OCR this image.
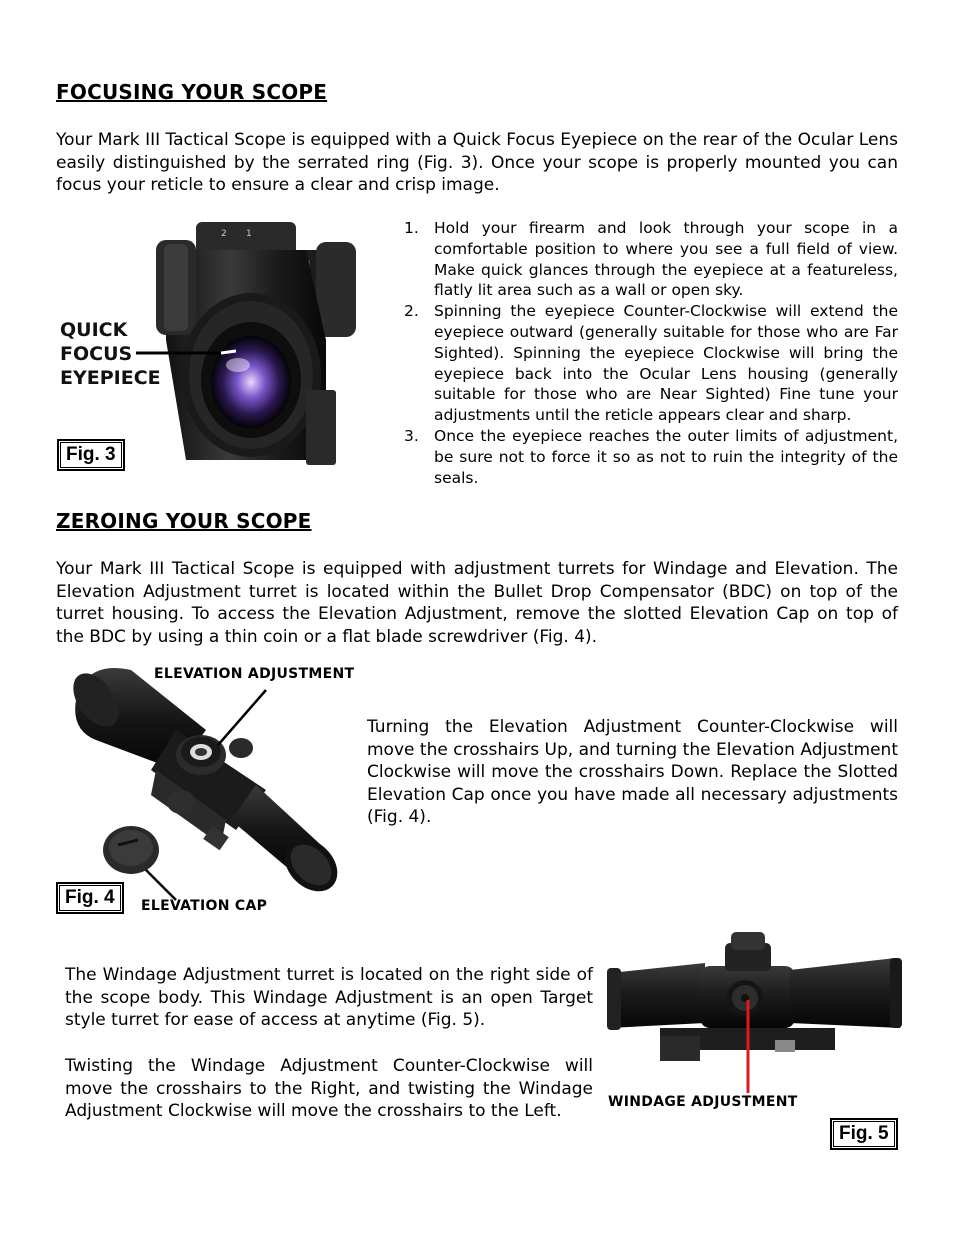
FOCUSING YOUR SCOPE
Your Mark III Tactical Scope is equipped with a Quick Focus Eyepiece on the rear of the Ocular Lens easily distinguished by the serrated ring (Fig. 3). Once your scope is properly mounted you can focus your reticle to ensure a clear and crisp image.
2 1
QUICK
FOCUS
EYEPIECE
Fig. 3
1. Hold your firearm and look through your scope in a comfortable position to where you see a full field of view. Make quick glances through the eyepiece at a featureless, flatly lit area such as a wall or open sky.
2. Spinning the eyepiece Counter-Clockwise will extend the eyepiece outward (generally suitable for those who are Far Sighted). Spinning the eyepiece Clockwise will bring the eyepiece back into the Ocular Lens housing (generally suitable for those who are Near Sighted) Fine tune your adjustments until the reticle appears clear and sharp.
3. Once the eyepiece reaches the outer limits of adjustment, be sure not to force it so as not to ruin the integrity of the seals.
ZEROING YOUR SCOPE
Your Mark III Tactical Scope is equipped with adjustment turrets for Windage and Elevation. The Elevation Adjustment turret is located within the Bullet Drop Compensator (BDC) on top of the turret housing. To access the Elevation Adjustment, remove the slotted Elevation Cap on top of the BDC by using a thin coin or a flat blade screwdriver (Fig. 4).
ELEVATION ADJUSTMENT
ELEVATION CAP
Fig. 4
Turning the Elevation Adjustment Counter-Clockwise will move the crosshairs Up, and turning the Elevation Adjustment Clockwise will move the crosshairs Down. Replace the Slotted Elevation Cap once you have made all necessary adjustments (Fig. 4).
The Windage Adjustment turret is located on the right side of the scope body. This Windage Adjustment is an open Target style turret for ease of access at anytime (Fig. 5).
Twisting the Windage Adjustment Counter-Clockwise will move the crosshairs to the Right, and twisting the Windage Adjustment Clockwise will move the crosshairs to the Left.	WINDAGE ADJUSTMENT
Fig. 5
